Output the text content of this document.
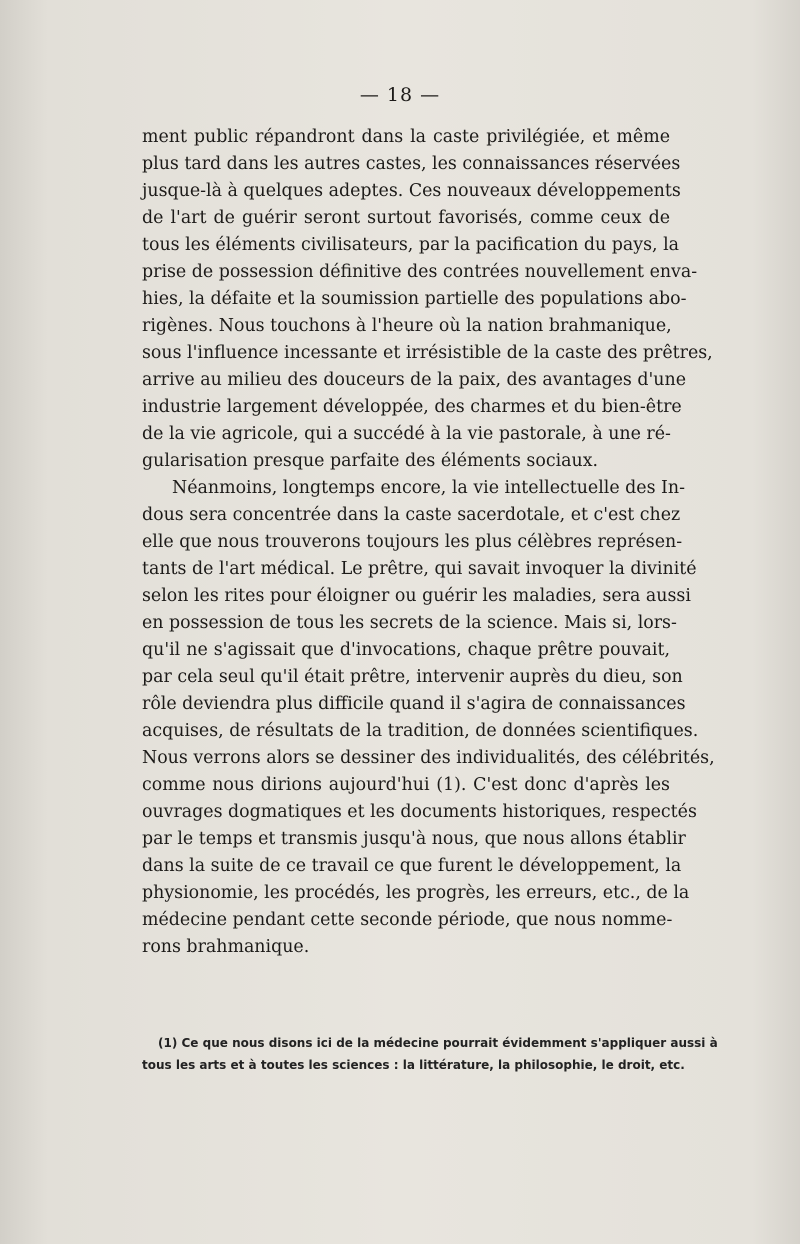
— 18 —

ment public répandront dans la caste privilégiée, et même
plus tard dans les autres castes, les connaissances réservées
jusque-là à quelques adeptes. Ces nouveaux développements
de l'art de guérir seront surtout favorisés, comme ceux de
tous les éléments civilisateurs, par la pacification du pays, la
prise de possession définitive des contrées nouvellement enva-
hies, la défaite et la soumission partielle des populations abo-
rigènes. Nous touchons à l'heure où la nation brahmanique,
sous l'influence incessante et irrésistible de la caste des prêtres,
arrive au milieu des douceurs de la paix, des avantages d'une
industrie largement développée, des charmes et du bien-être
de la vie agricole, qui a succédé à la vie pastorale, à une ré-
gularisation presque parfaite des éléments sociaux.

Néanmoins, longtemps encore, la vie intellectuelle des In-
dous sera concentrée dans la caste sacerdotale, et c'est chez
elle que nous trouverons toujours les plus célèbres représen-
tants de l'art médical. Le prêtre, qui savait invoquer la divinité
selon les rites pour éloigner ou guérir les maladies, sera aussi
en possession de tous les secrets de la science. Mais si, lors-
qu'il ne s'agissait que d'invocations, chaque prêtre pouvait,
par cela seul qu'il était prêtre, intervenir auprès du dieu, son
rôle deviendra plus difficile quand il s'agira de connaissances
acquises, de résultats de la tradition, de données scientifiques.
Nous verrons alors se dessiner des individualités, des célébrités,
comme nous dirions aujourd'hui (1). C'est donc d'après les
ouvrages dogmatiques et les documents historiques, respectés
par le temps et transmis jusqu'à nous, que nous allons établir
dans la suite de ce travail ce que furent le développement, la
physionomie, les procédés, les progrès, les erreurs, etc., de la
médecine pendant cette seconde période, que nous nomme-
rons brahmanique.

(1) Ce que nous disons ici de la médecine pourrait évidemment s'appliquer aussi à
tous les arts et à toutes les sciences : la littérature, la philosophie, le droit, etc.
